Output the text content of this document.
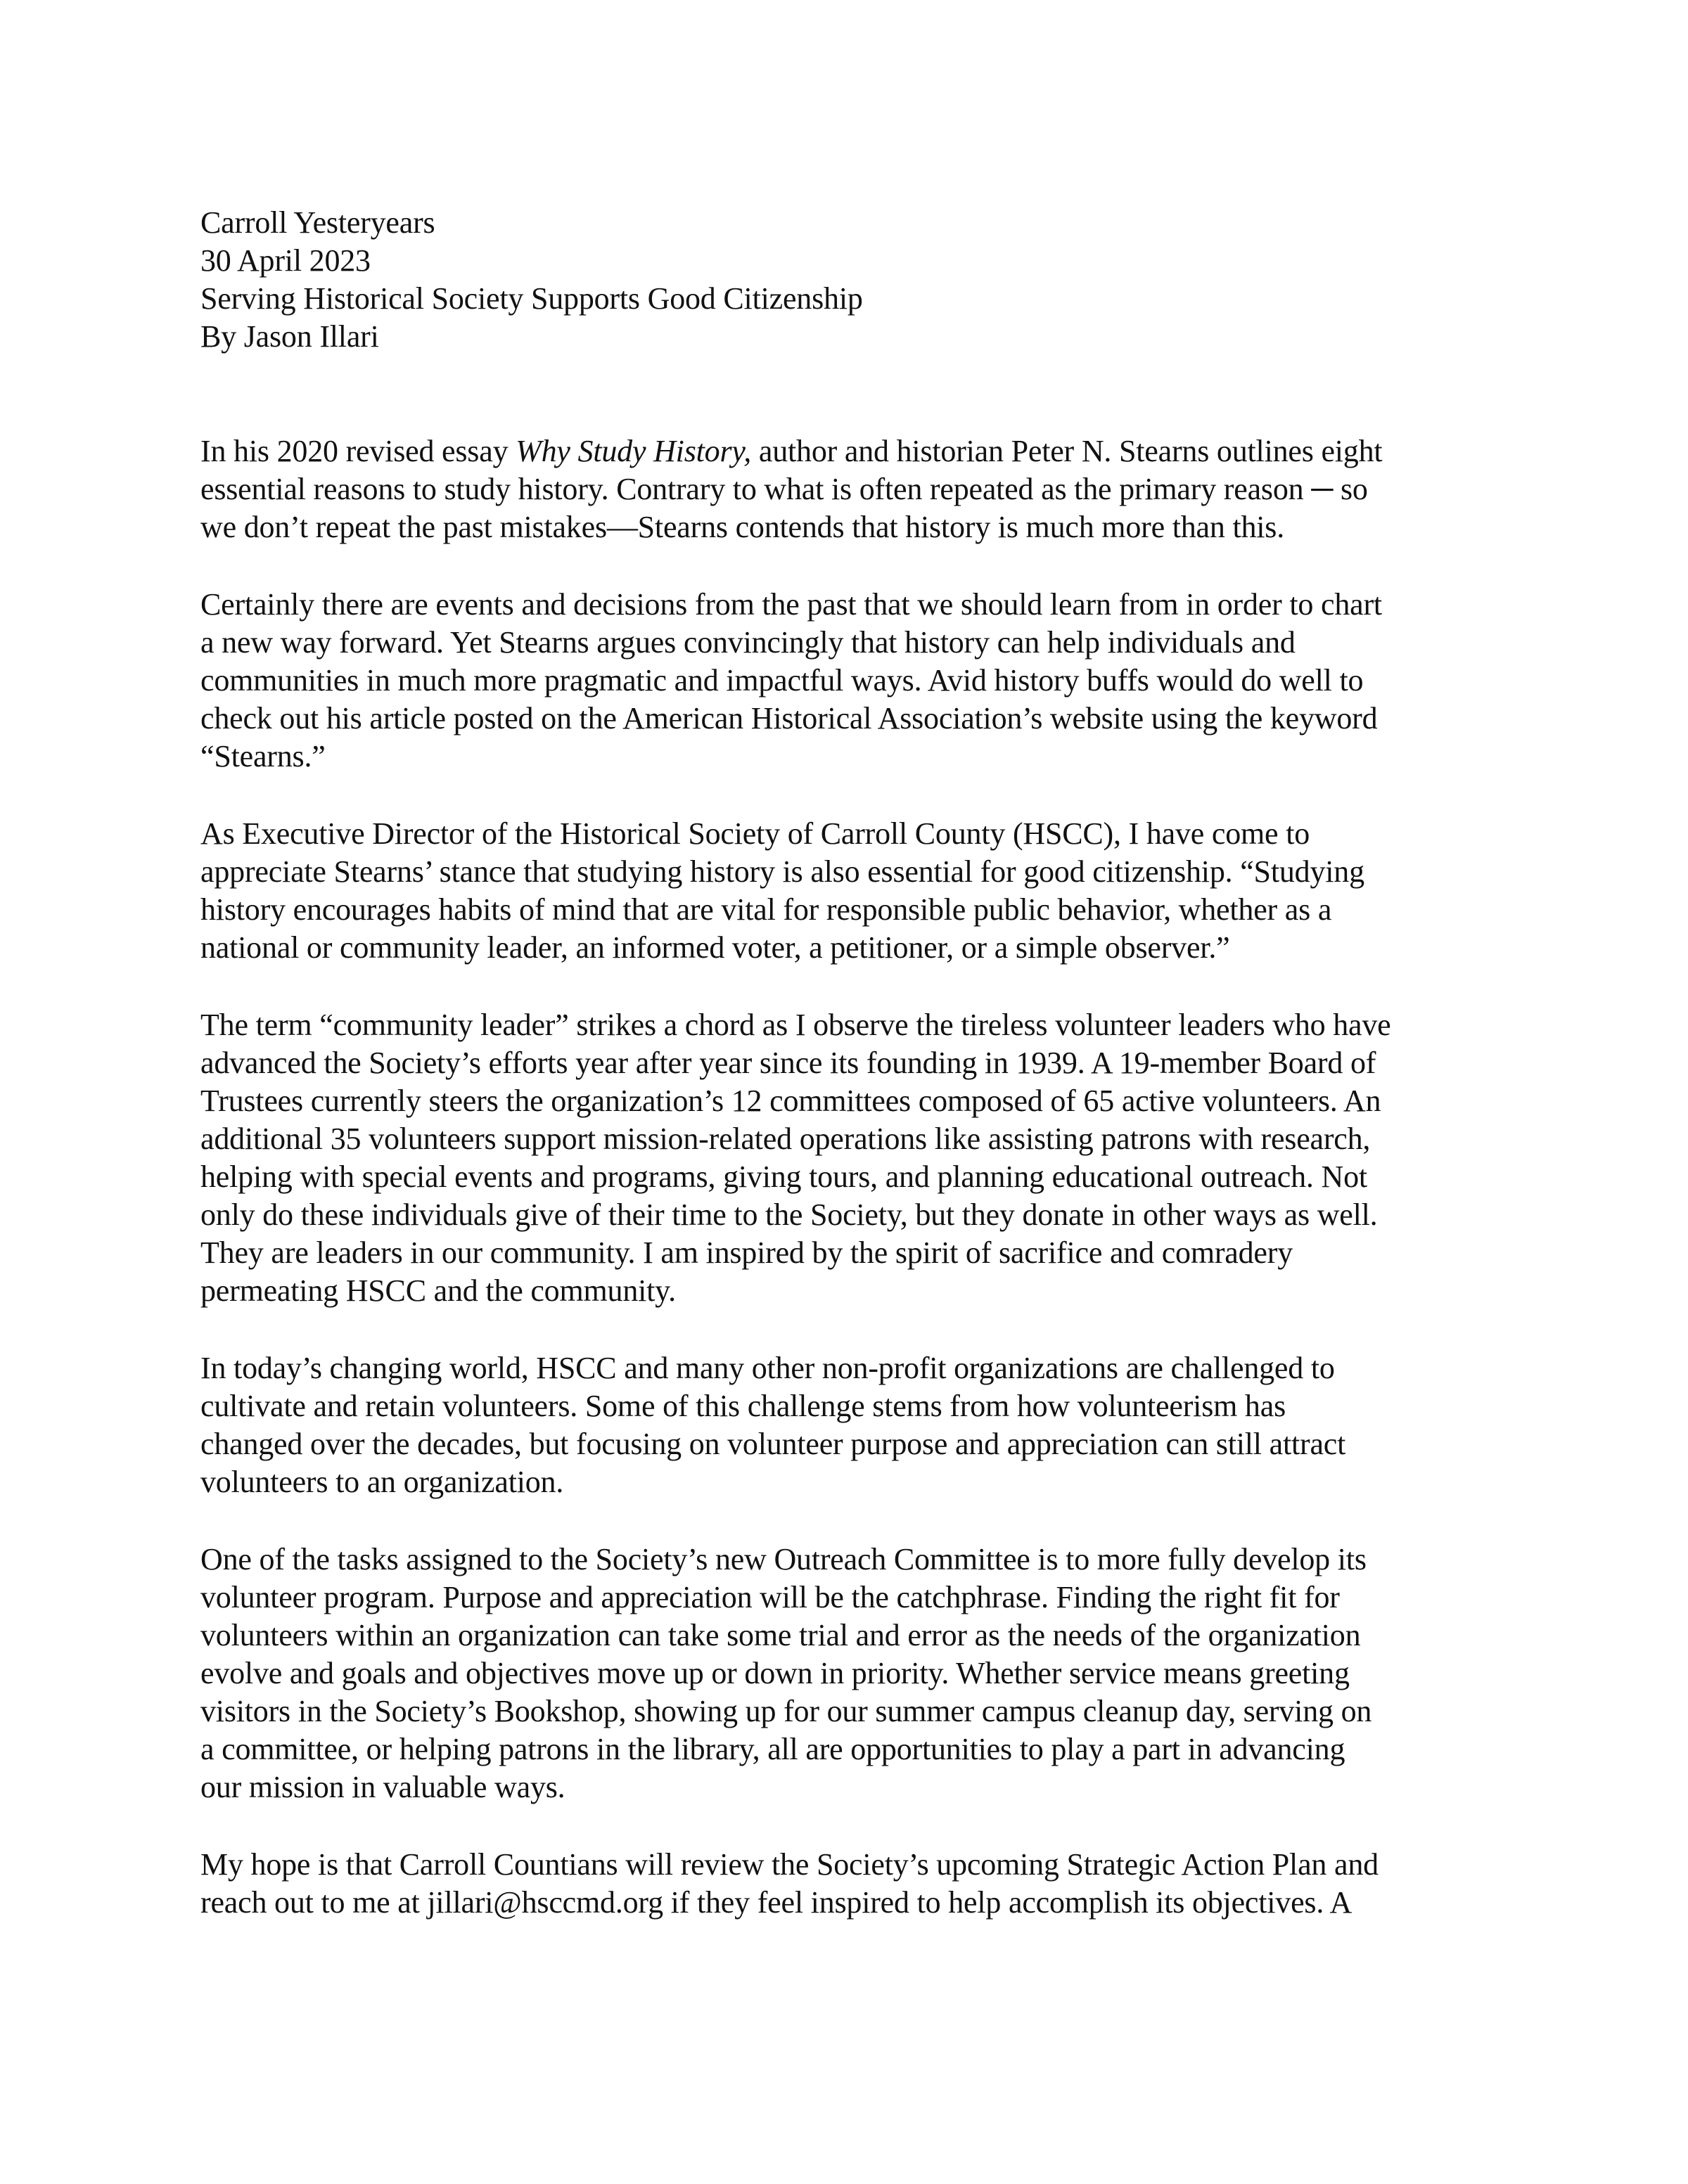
Carroll Yesteryears
30 April 2023
Serving Historical Society Supports Good Citizenship
By Jason Illari
In his 2020 revised essay Why Study History, author and historian Peter N. Stearns outlines eight
essential reasons to study history. Contrary to what is often repeated as the primary reason ─ so
we don’t repeat the past mistakes—Stearns contends that history is much more than this.
Certainly there are events and decisions from the past that we should learn from in order to chart
a new way forward. Yet Stearns argues convincingly that history can help individuals and
communities in much more pragmatic and impactful ways. Avid history buffs would do well to
check out his article posted on the American Historical Association’s website using the keyword
“Stearns.”
As Executive Director of the Historical Society of Carroll County (HSCC), I have come to
appreciate Stearns’ stance that studying history is also essential for good citizenship. “Studying
history encourages habits of mind that are vital for responsible public behavior, whether as a
national or community leader, an informed voter, a petitioner, or a simple observer.”
The term “community leader” strikes a chord as I observe the tireless volunteer leaders who have
advanced the Society’s efforts year after year since its founding in 1939. A 19-member Board of
Trustees currently steers the organization’s 12 committees composed of 65 active volunteers. An
additional 35 volunteers support mission-related operations like assisting patrons with research,
helping with special events and programs, giving tours, and planning educational outreach. Not
only do these individuals give of their time to the Society, but they donate in other ways as well.
They are leaders in our community. I am inspired by the spirit of sacrifice and comradery
permeating HSCC and the community.
In today’s changing world, HSCC and many other non-profit organizations are challenged to
cultivate and retain volunteers. Some of this challenge stems from how volunteerism has
changed over the decades, but focusing on volunteer purpose and appreciation can still attract
volunteers to an organization.
One of the tasks assigned to the Society’s new Outreach Committee is to more fully develop its
volunteer program. Purpose and appreciation will be the catchphrase. Finding the right fit for
volunteers within an organization can take some trial and error as the needs of the organization
evolve and goals and objectives move up or down in priority. Whether service means greeting
visitors in the Society’s Bookshop, showing up for our summer campus cleanup day, serving on
a committee, or helping patrons in the library, all are opportunities to play a part in advancing
our mission in valuable ways.
My hope is that Carroll Countians will review the Society’s upcoming Strategic Action Plan and
reach out to me at jillari@hsccmd.org if they feel inspired to help accomplish its objectives. A
